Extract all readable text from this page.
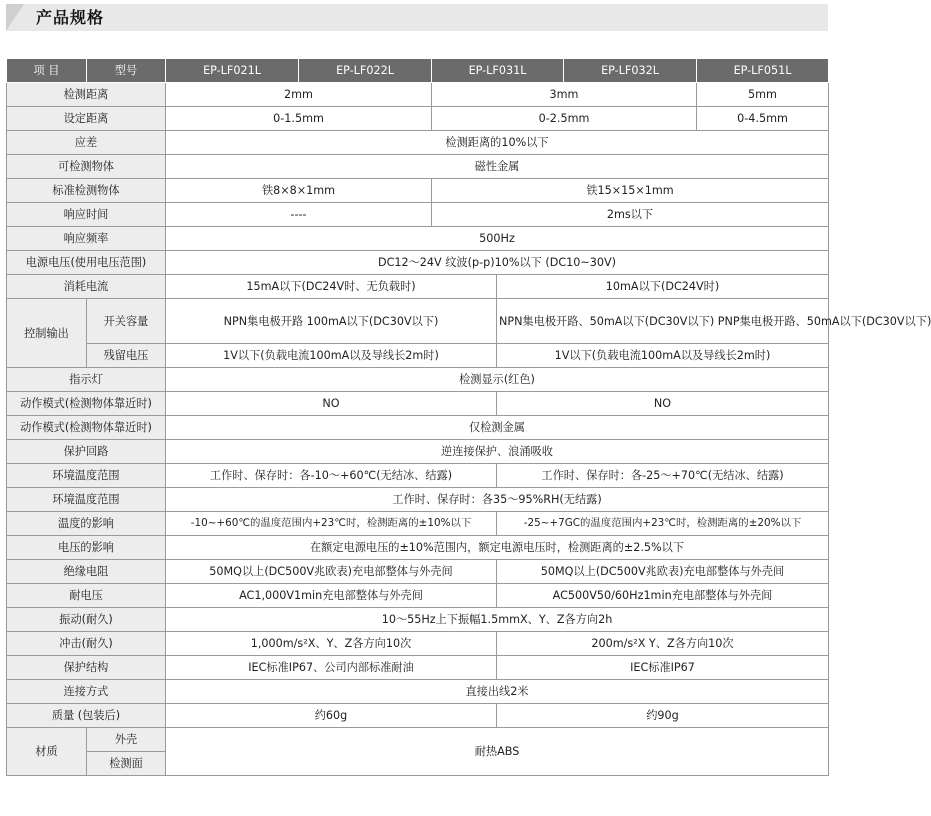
产品规格
项 目	型号	EP-LF021L	EP-LF022L	EP-LF031L		EP-LF032L	EP-LF051L
检测距离		2mm		3mm			5mm
设定距离		0-1.5mm		0-2.5mm			0-4.5mm
应差		检测距离的10%以下					
可检测物体		磁性金属					
标准检测物体		铁8×8×1mm		铁15×15×1mm			
响应时间		----		2ms以下			
响应频率		500Hz					
电源电压(使用电压范围)		DC12～24V 纹波(p-p)10%以下 (DC10~30V)					
消耗电流		15mA以下(DC24V时、无负载时)			10mA以下(DC24V时)		
控制输出	开关容量	NPN集电极开路 100mA以下(DC30V以下)			NPN集电极开路、50mA以下(DC30V以下) PNP集电极开路、50mA以下(DC30V以下)		
	残留电压	1V以下(负载电流100mA以及导线长2m时)			1V以下(负载电流100mA以及导线长2m时)		
指示灯		检测显示(红色)					
动作模式(检测物体靠近时)		NO			NO		
动作模式(检测物体靠近时)		仅检测金属					
保护回路		逆连接保护、浪涌吸收					
环境温度范围		工作时、保存时：各-10～+60℃(无结冰、结露)			工作时、保存时：各-25～+70℃(无结冰、结露)		
环境温度范围		工作时、保存时：各35～95%RH(无结露)					
温度的影响		-10~+60℃的温度范围内+23℃时，检测距离的±10%以下			-25~+7GC的温度范围内+23℃时，检测距离的±20%以下		
电压的影响		在额定电源电压的±10%范围内，额定电源电压时，检测距离的±2.5%以下					
绝缘电阻		50MQ以上(DC500V兆欧表)充电部整体与外壳间			50MQ以上(DC500V兆欧表)充电部整体与外壳间		
耐电压		AC1,000V1min充电部整体与外壳间			AC500V50/60Hz1min充电部整体与外壳间		
振动(耐久)		10～55Hz上下振幅1.5mmX、Y、Z各方向2h					
冲击(耐久)		1,000m/s²X、Y、Z各方向10次			200m/s²X Y、Z各方向10次		
保护结构		IEC标准IP67、公司内部标准耐油			IEC标准IP67		
连接方式		直接出线2米					
质量 (包装后)		约60g			约90g		
材质	外壳	耐热ABS					
	检测面						
